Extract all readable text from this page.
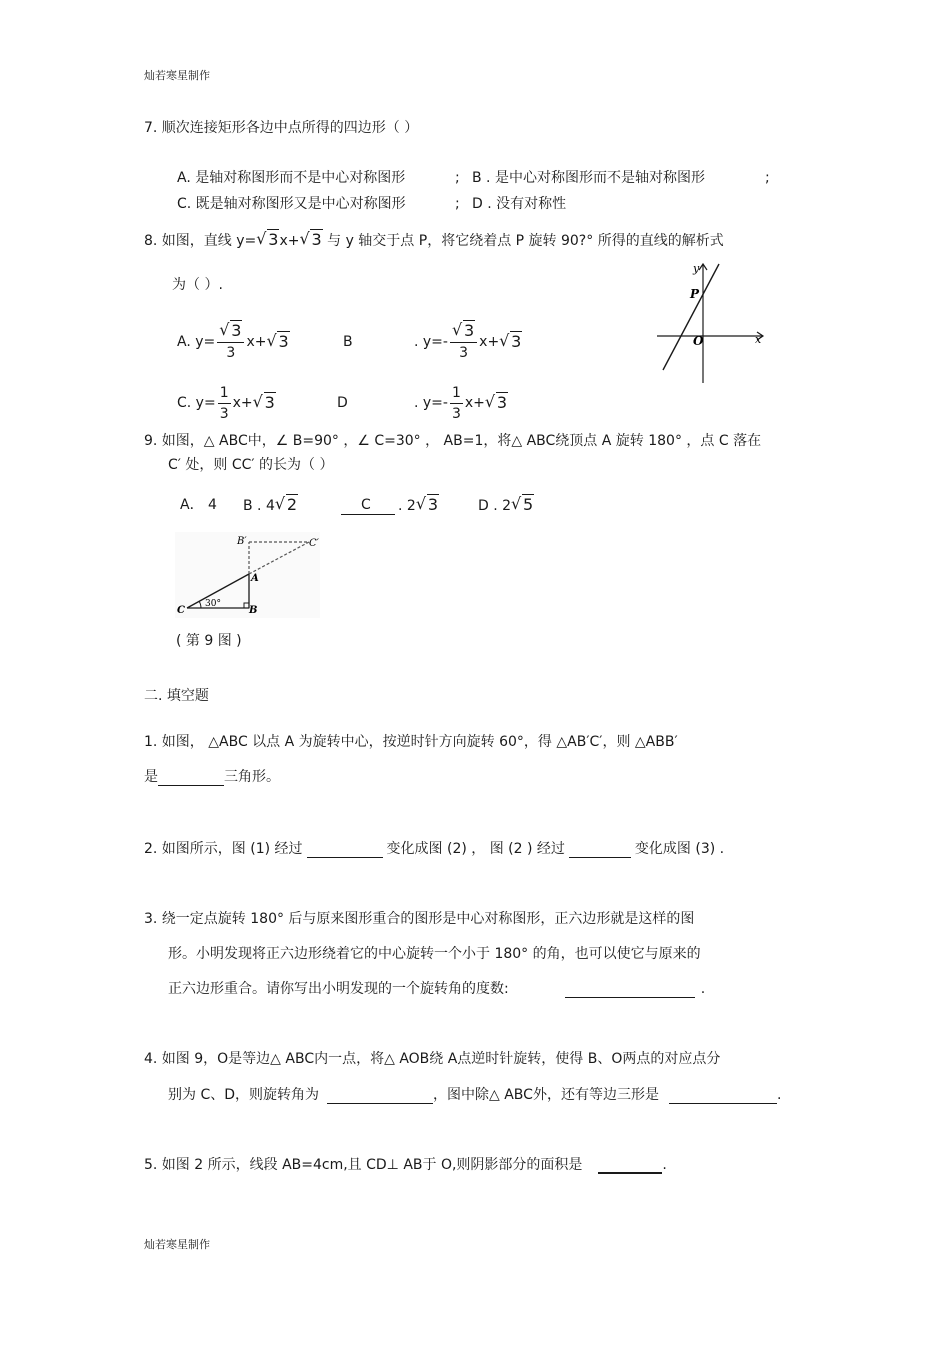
灿若寒星制作
7. 顺次连接矩形各边中点所得的四边形（ ）
A. 是轴对称图形而不是中心对称图形	; B . 是中心对称图形而不是轴对称图形	;
C. 既是轴对称图形又是中心对称图形	; D . 没有对称性
8. 如图，直线 y= √ 3x+ √ 3 与 y 轴交于点 P，将它绕着点 P 旋转 90?° 所得的直线的解析式
为（ ）.
A. y= √ $\frac{3}{3} x+$ √ 3	B	. y=- √ $\frac{3}{3} x+$ √ 3
C. $y= \frac{1}{3} x+$ √ 3	D	. $y=- \frac{1}{3} x+$ √ 3
y
P
O	x
9. 如图，△ ABC中，∠ B=90° ，∠ C=30° ， AB=1，将△ ABC绕顶点 A 旋转 180° ，点 C 落在
C′ 处，则 CC′ 的长为（ ）
A． 4 B . 4 √ 2	C	. 2 √ 3	D . 2 √ 5
B′	C′
A
C	B
30°
( 第 9 图 )
二. 填空题
1. 如图， △ABC 以点 A 为旋转中心，按逆时针方向旋转 60°，得 △AB′C′，则 △ABB′
是	三角形。
2. 如图所示，图 (1) 经过	变化成图 (2) ， 图 (2 ) 经过	变化成图 (3) .
3. 绕一定点旋转 180° 后与原来图形重合的图形是中心对称图形，正六边形就是这样的图
形。小明发现将正六边形绕着它的中心旋转一个小于 180° 的角，也可以使它与原来的
正六边形重合。请你写出小明发现的一个旋转角的度数:	.
4. 如图 9，O是等边△ ABC内一点，将△ AOB绕 A点逆时针旋转，使得 B、O两点的对应点分
别为 C、D，则旋转角为	，图中除△ ABC外，还有等边三形是	.
5. 如图 2 所示，线段 AB=4cm,且 CD⊥ AB于 O,则阴影部分的面积是	.
灿若寒星制作
